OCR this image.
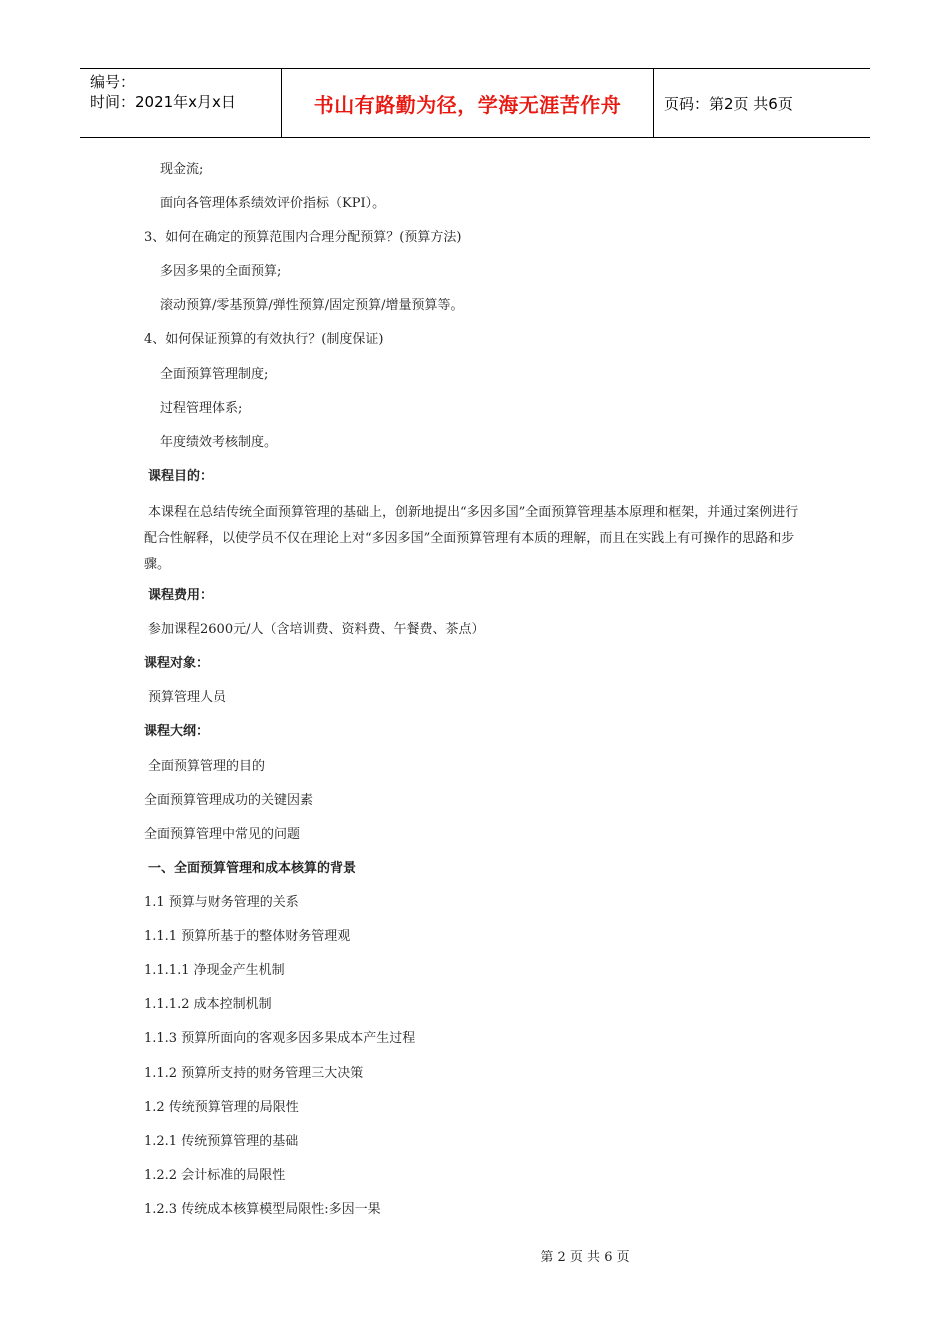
编号：
时间：2021年x月x日	书山有路勤为径，学海无涯苦作舟	页码：第2页 共6页
现金流;
面向各管理体系绩效评价指标（KPI）。
3、如何在确定的预算范围内合理分配预算？(预算方法)
多因多果的全面预算;
滚动预算/零基预算/弹性预算/固定预算/增量预算等。
4、如何保证预算的有效执行？(制度保证)
全面预算管理制度;
过程管理体系;
年度绩效考核制度。
课程目的：
本课程在总结传统全面预算管理的基础上，创新地提出“多因多国”全面预算管理基本原理和框架，并通过案例进行配合性解释，以使学员不仅在理论上对“多因多国”全面预算管理有本质的理解，而且在实践上有可操作的思路和步骤。
课程费用：
参加课程2600元/人（含培训费、资料费、午餐费、茶点）
课程对象：
预算管理人员
课程大纲：
全面预算管理的目的
全面预算管理成功的关键因素
全面预算管理中常见的问题
一、全面预算管理和成本核算的背景
1.1 预算与财务管理的关系
1.1.1 预算所基于的整体财务管理观
1.1.1.1 净现金产生机制
1.1.1.2 成本控制机制
1.1.3 预算所面向的客观多因多果成本产生过程
1.1.2 预算所支持的财务管理三大决策
1.2 传统预算管理的局限性
1.2.1 传统预算管理的基础
1.2.2 会计标准的局限性
1.2.3 传统成本核算模型局限性:多因一果
第 2 页 共 6 页
